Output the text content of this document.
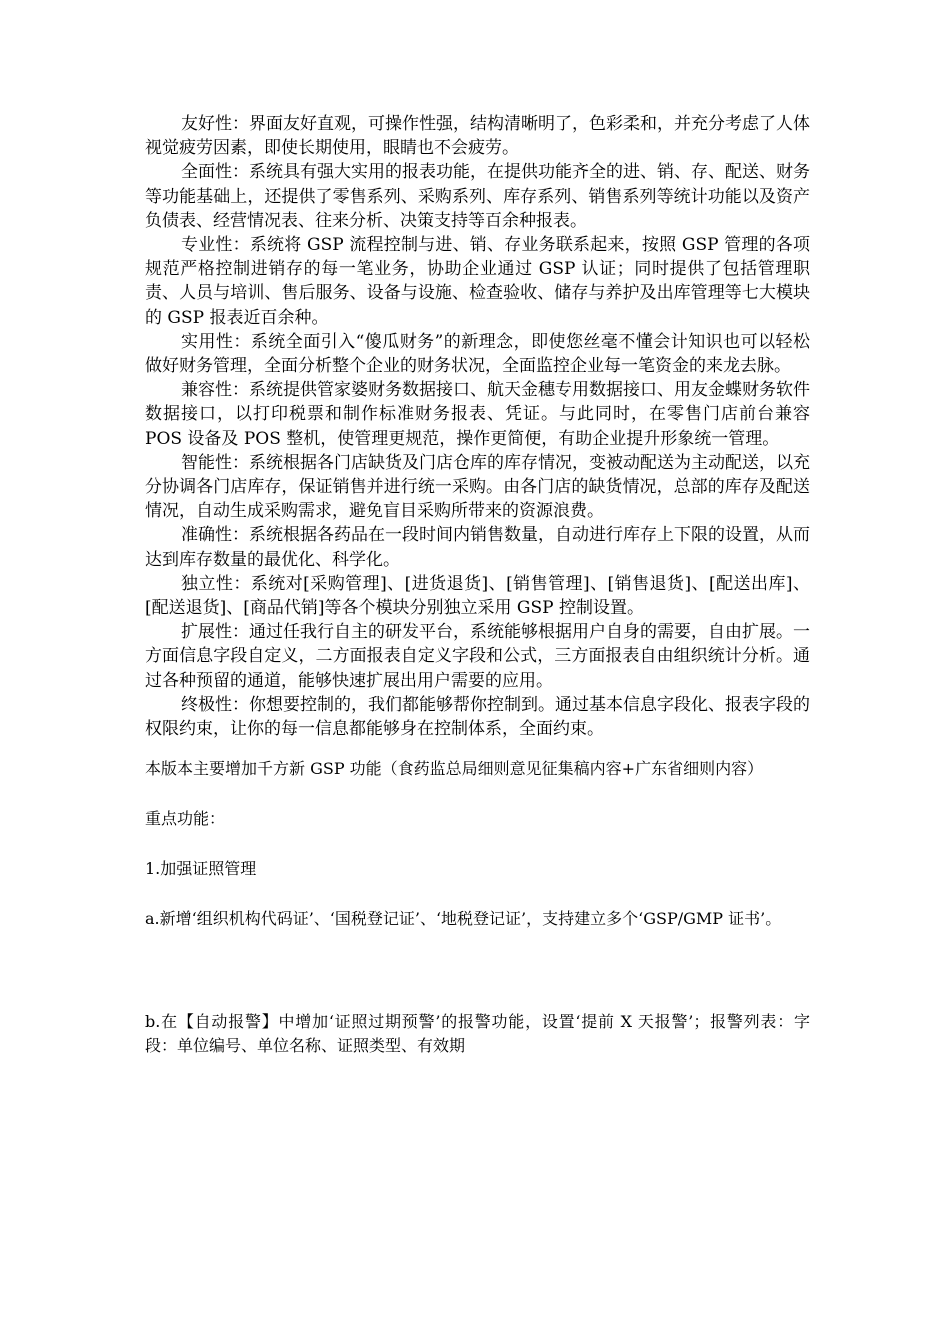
友好性：界面友好直观，可操作性强，结构清晰明了，色彩柔和，并充分考虑了人体视觉疲劳因素，即使长期使用，眼睛也不会疲劳。

全面性：系统具有强大实用的报表功能，在提供功能齐全的进、销、存、配送、财务等功能基础上，还提供了零售系列、采购系列、库存系列、销售系列等统计功能以及资产负债表、经营情况表、往来分析、决策支持等百余种报表。

专业性：系统将 GSP 流程控制与进、销、存业务联系起来，按照 GSP 管理的各项规范严格控制进销存的每一笔业务，协助企业通过 GSP 认证；同时提供了包括管理职责、人员与培训、售后服务、设备与设施、检查验收、储存与养护及出库管理等七大模块的 GSP 报表近百余种。

实用性：系统全面引入“傻瓜财务”的新理念，即使您丝毫不懂会计知识也可以轻松做好财务管理，全面分析整个企业的财务状况，全面监控企业每一笔资金的来龙去脉。

兼容性：系统提供管家婆财务数据接口、航天金穗专用数据接口、用友金蝶财务软件数据接口，以打印税票和制作标准财务报表、凭证。与此同时，在零售门店前台兼容 POS 设备及 POS 整机，使管理更规范，操作更简便，有助企业提升形象统一管理。

智能性：系统根据各门店缺货及门店仓库的库存情况，变被动配送为主动配送，以充分协调各门店库存，保证销售并进行统一采购。由各门店的缺货情况，总部的库存及配送情况，自动生成采购需求，避免盲目采购所带来的资源浪费。

准确性：系统根据各药品在一段时间内销售数量，自动进行库存上下限的设置，从而达到库存数量的最优化、科学化。

独立性：系统对[采购管理]、[进货退货]、[销售管理]、[销售退货]、[配送出库]、[配送退货]、[商品代销]等各个模块分别独立采用 GSP 控制设置。

扩展性：通过任我行自主的研发平台，系统能够根据用户自身的需要，自由扩展。一方面信息字段自定义，二方面报表自定义字段和公式，三方面报表自由组织统计分析。通过各种预留的通道，能够快速扩展出用户需要的应用。

终极性：你想要控制的，我们都能够帮你控制到。通过基本信息字段化、报表字段的权限约束，让你的每一信息都能够身在控制体系，全面约束。

本版本主要增加千方新 GSP 功能（食药监总局细则意见征集稿内容+广东省细则内容）

重点功能：

1.加强证照管理

a.新增‘组织机构代码证’、‘国税登记证’、‘地税登记证’，支持建立多个‘GSP/GMP 证书’。

b.在【自动报警】中增加‘证照过期预警’的报警功能，设置‘提前 X 天报警’；报警列表：字段：单位编号、单位名称、证照类型、有效期
